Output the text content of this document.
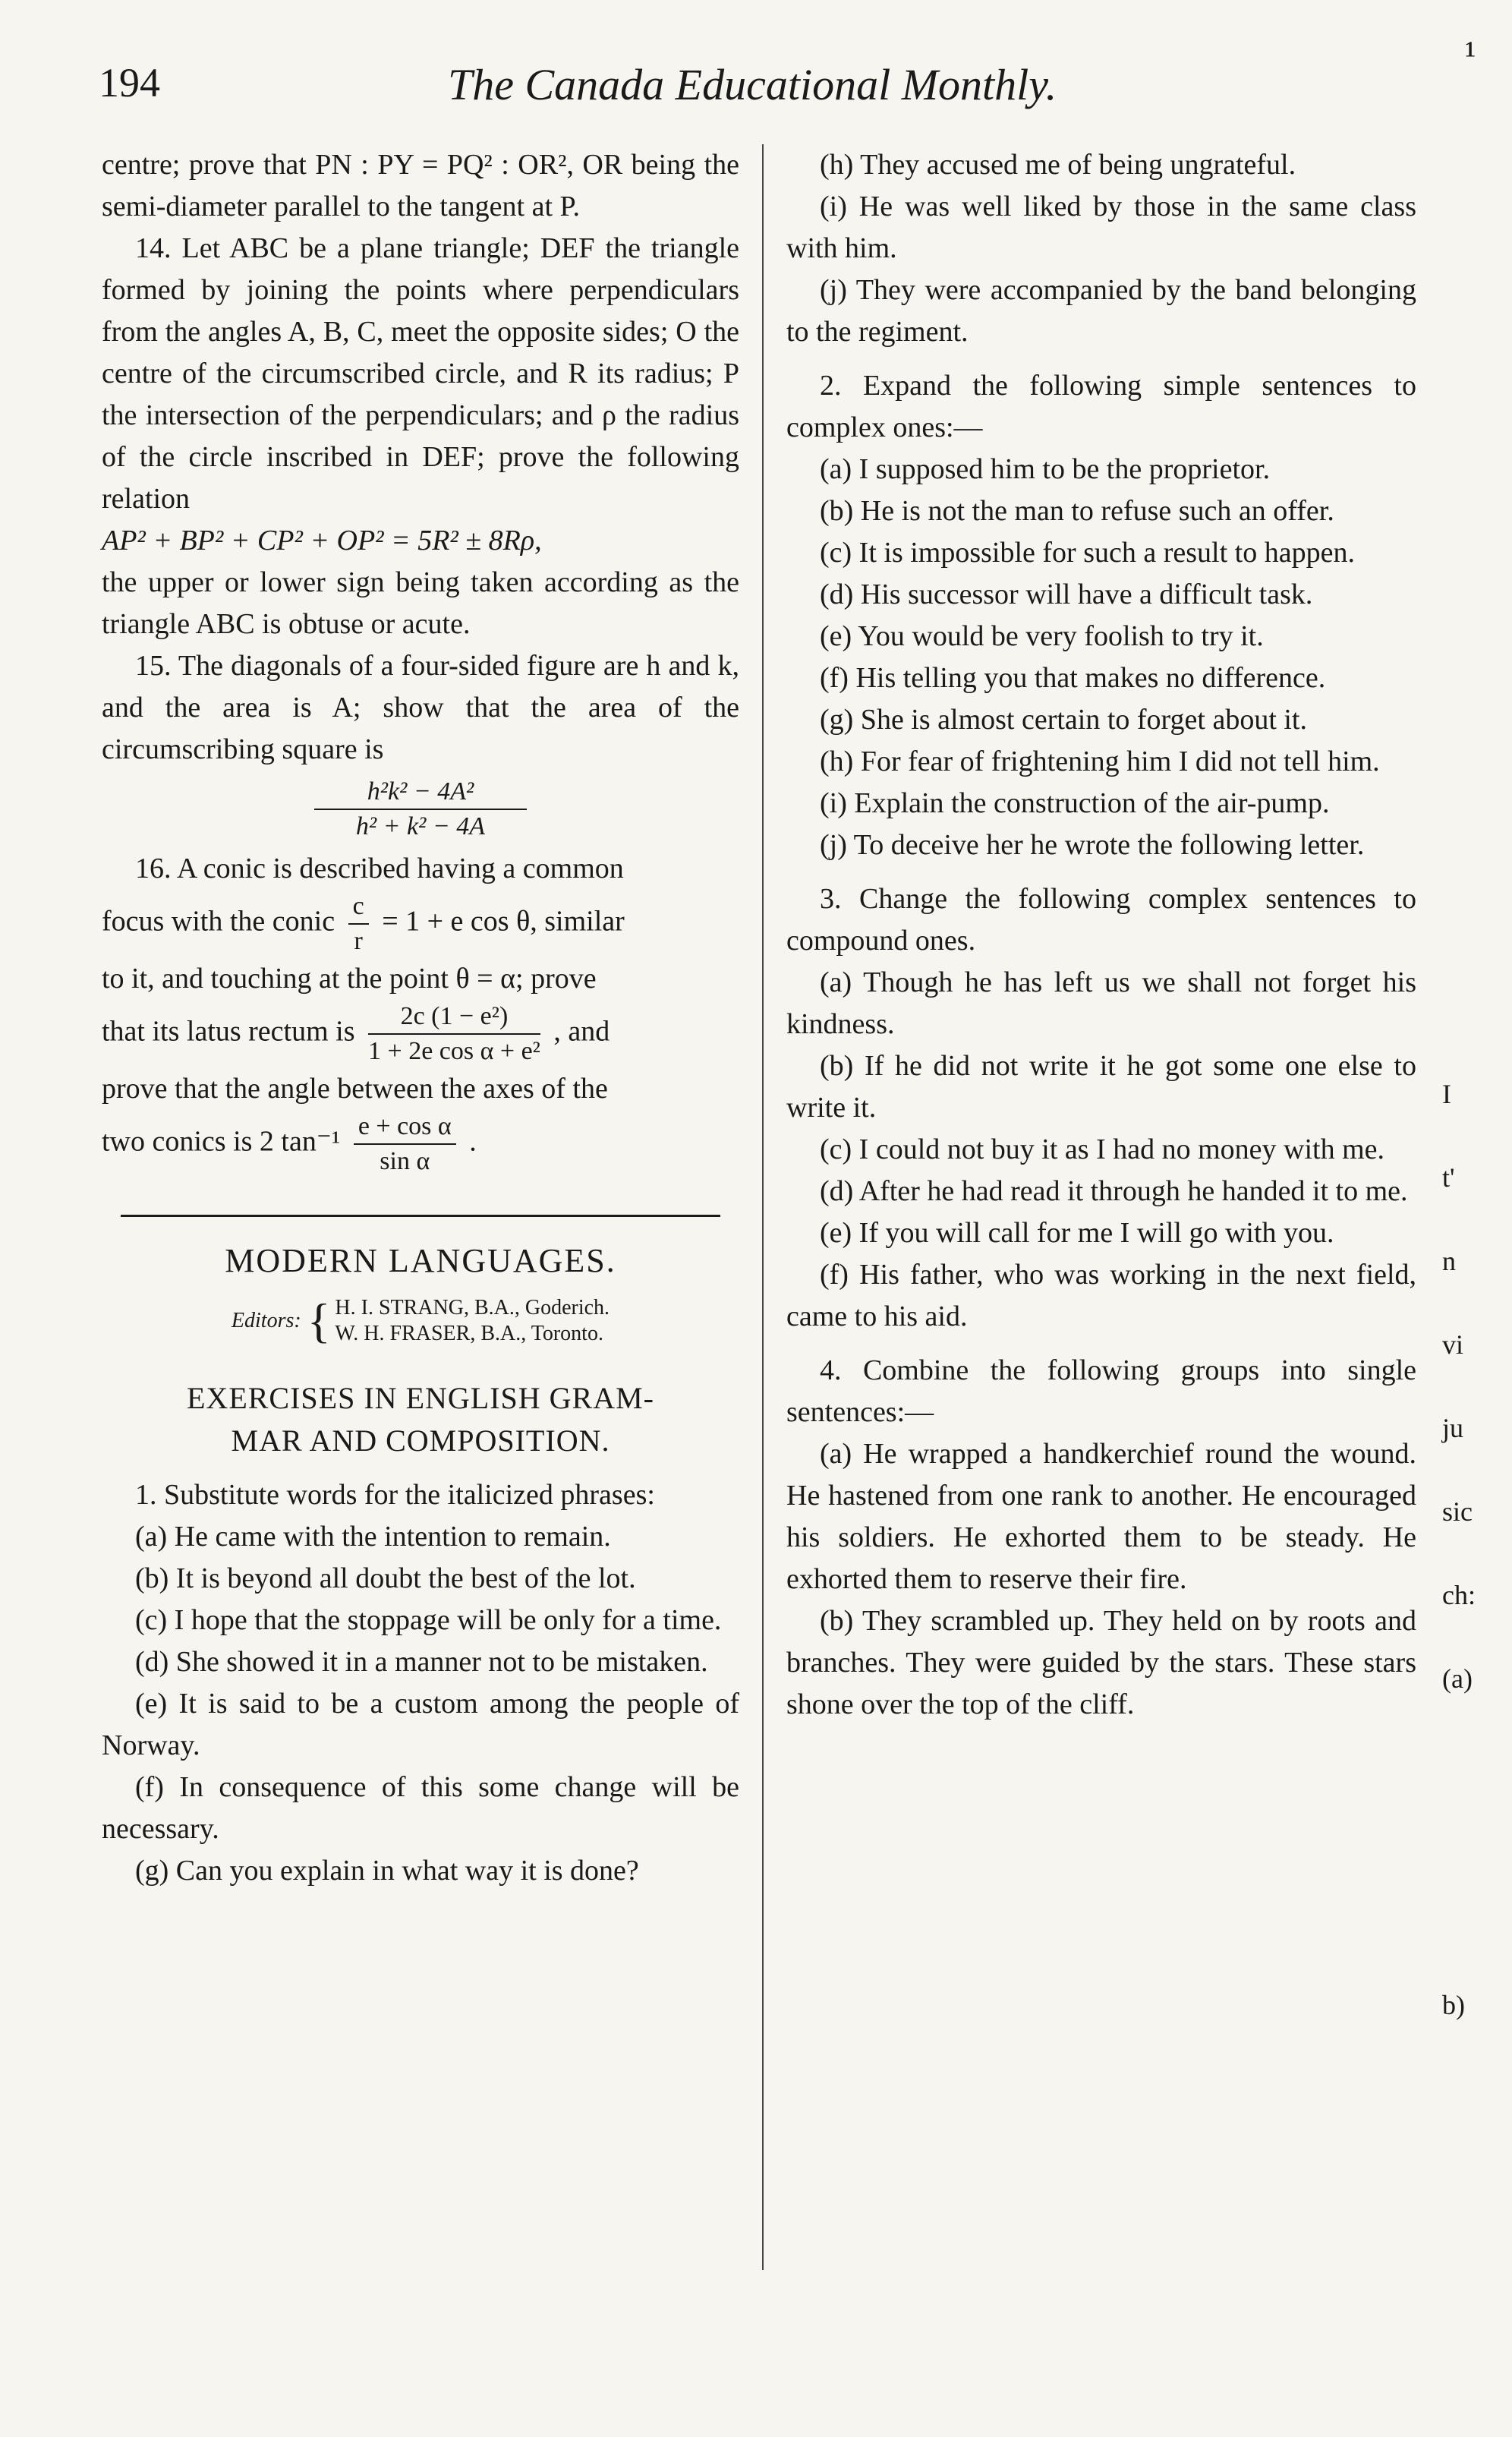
194	The Canada Educational Monthly.
¹

centre; prove that PN : PY = PQ² : OR², OR being the semi-diameter parallel to the tangent at P.

14. Let ABC be a plane triangle; DEF the triangle formed by joining the points where perpendiculars from the angles A, B, C, meet the opposite sides; O the centre of the circumscribed circle, and R its radius; P the intersection of the perpendiculars; and ρ the radius of the circle inscribed in DEF; prove the following relation

AP² + BP² + CP² + OP² = 5R² ± 8Rρ,

the upper or lower sign being taken according as the triangle ABC is obtuse or acute.

15. The diagonals of a four-sided figure are h and k, and the area is A; show that the area of the circumscribing square is

h²k² − 4A²
h² + k² − 4A

16. A conic is described having a common

focus with the conic $\frac{c}{r} = 1 + e$ cos θ, similar

to it, and touching at the point θ = α; prove

that its latus rectum is $\frac{\text{2c (1 − e²)}}{\text{1 + 2e cos α + e²}}$ , and

prove that the angle between the axes of the

two conics is 2 $\tan^{-1} \frac{\text{e + cos α}}{\text{sin α}}$ .

MODERN LANGUAGES.
Editors: { H. I. STRANG, B.A., Goderich.
W. H. FRASER, B.A., Toronto.
EXERCISES IN ENGLISH GRAM-
MAR AND COMPOSITION.

1. Substitute words for the italicized phrases:

(a) He came with the intention to remain.

(b) It is beyond all doubt the best of the lot.

(c) I hope that the stoppage will be only for a time.

(d) She showed it in a manner not to be mistaken.

(e) It is said to be a custom among the people of Norway.

(f) In consequence of this some change will be necessary.

(g) Can you explain in what way it is done?

(h) They accused me of being ungrateful.

(i) He was well liked by those in the same class with him.

(j) They were accompanied by the band belonging to the regiment.

2. Expand the following simple sentences to complex ones:—

(a) I supposed him to be the proprietor.

(b) He is not the man to refuse such an offer.

(c) It is impossible for such a result to happen.

(d) His successor will have a difficult task.

(e) You would be very foolish to try it.

(f) His telling you that makes no difference.

(g) She is almost certain to forget about it.

(h) For fear of frightening him I did not tell him.

(i) Explain the construction of the air-pump.

(j) To deceive her he wrote the following letter.

3. Change the following complex sentences to compound ones.

(a) Though he has left us we shall not forget his kindness.

(b) If he did not write it he got some one else to write it.

(c) I could not buy it as I had no money with me.

(d) After he had read it through he handed it to me.

(e) If you will call for me I will go with you.

(f) His father, who was working in the next field, came to his aid.

4. Combine the following groups into single sentences:—

(a) He wrapped a handkerchief round the wound. He hastened from one rank to another. He encouraged his soldiers. He exhorted them to be steady. He exhorted them to reserve their fire.

(b) They scrambled up. They held on by roots and branches. They were guided by the stars. These stars shone over the top of the cliff.

I
t'
n
vi
ju
sic
ch:
(a)
b)
